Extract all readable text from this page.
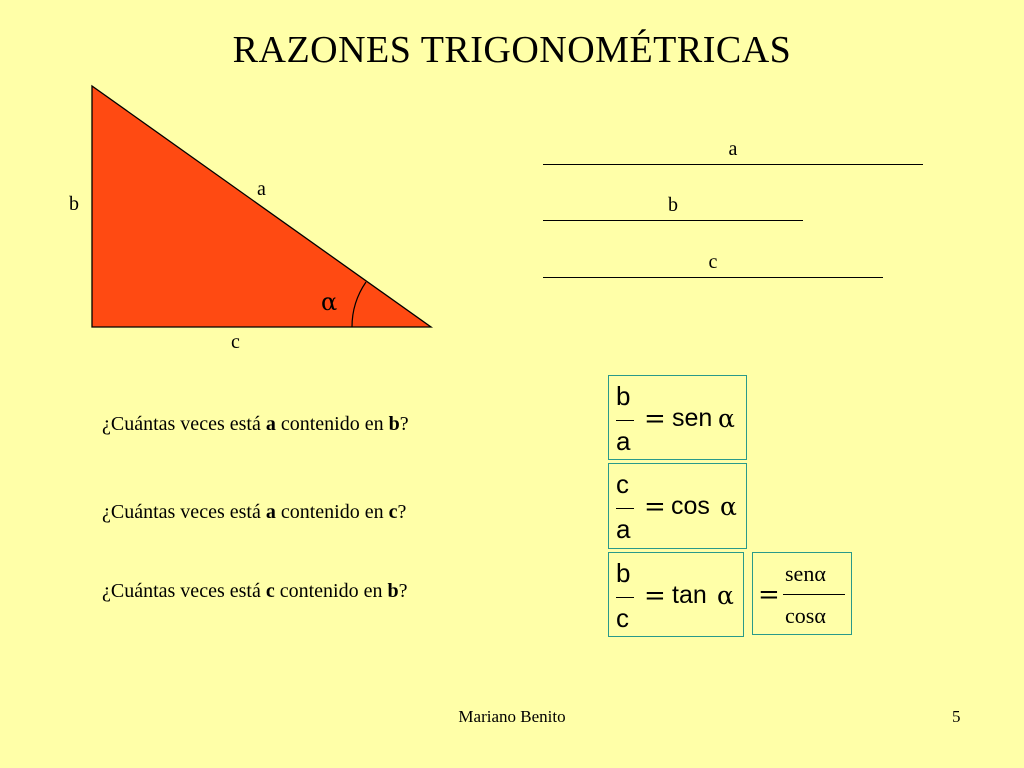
RAZONES TRIGONOMÉTRICAS
b
a
c
α
a
b
c
¿Cuántas veces está a contenido en b?
¿Cuántas veces está a contenido en c?
¿Cuántas veces está c contenido en b?
b
a
= sen α
c
a
= cos α
b
c
= tan α =
senα
cosα
Mariano Benito	5
